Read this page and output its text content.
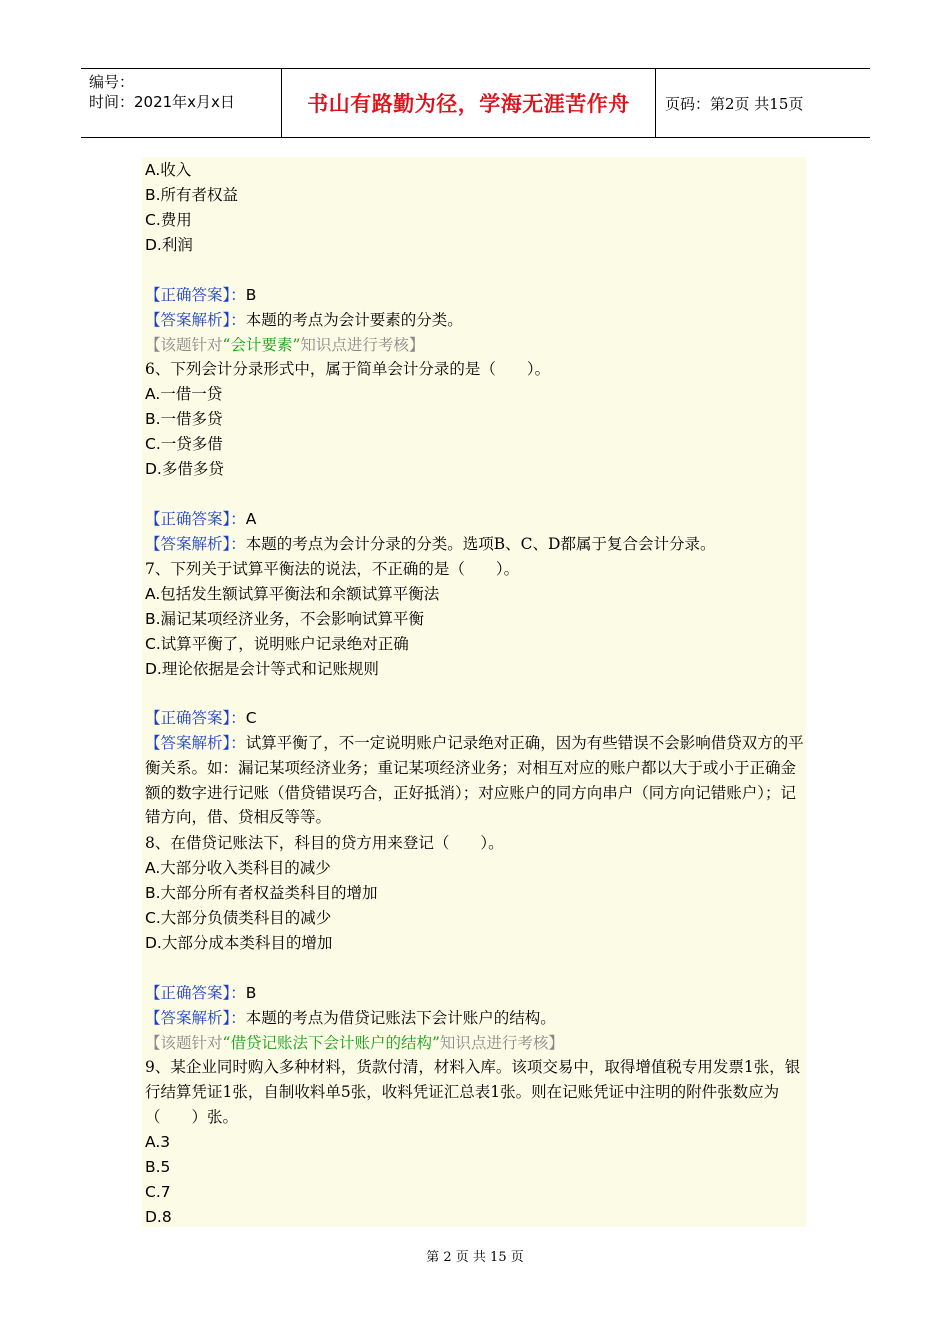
编号：
时间：2021年x月x日	书山有路勤为径，学海无涯苦作舟	页码：第2页 共15页
A.收入
B.所有者权益
C.费用
D.利润
【正确答案】：B
【答案解析】：本题的考点为会计要素的分类。
【该题针对“会计要素”知识点进行考核】
6、下列会计分录形式中，属于简单会计分录的是（　　）。
A.一借一贷
B.一借多贷
C.一贷多借
D.多借多贷
【正确答案】：A
【答案解析】：本题的考点为会计分录的分类。选项B、C、D都属于复合会计分录。
7、下列关于试算平衡法的说法，不正确的是（　　）。
A.包括发生额试算平衡法和余额试算平衡法
B.漏记某项经济业务，不会影响试算平衡
C.试算平衡了，说明账户记录绝对正确
D.理论依据是会计等式和记账规则
【正确答案】：C
【答案解析】：试算平衡了，不一定说明账户记录绝对正确，因为有些错误不会影响借贷双方的平衡关系。如：漏记某项经济业务；重记某项经济业务；对相互对应的账户都以大于或小于正确金额的数字进行记账（借贷错误巧合，正好抵消）；对应账户的同方向串户（同方向记错账户）；记错方向，借、贷相反等等。
8、在借贷记账法下，科目的贷方用来登记（　　）。
A.大部分收入类科目的减少
B.大部分所有者权益类科目的增加
C.大部分负债类科目的减少
D.大部分成本类科目的增加
【正确答案】：B
【答案解析】：本题的考点为借贷记账法下会计账户的结构。
【该题针对“借贷记账法下会计账户的结构”知识点进行考核】
9、某企业同时购入多种材料，货款付清，材料入库。该项交易中，取得增值税专用发票1张，银行结算凭证1张，自制收料单5张，收料凭证汇总表1张。则在记账凭证中注明的附件张数应为（　　）张。
A.3
B.5
C.7
D.8
第 2 页 共 15 页
